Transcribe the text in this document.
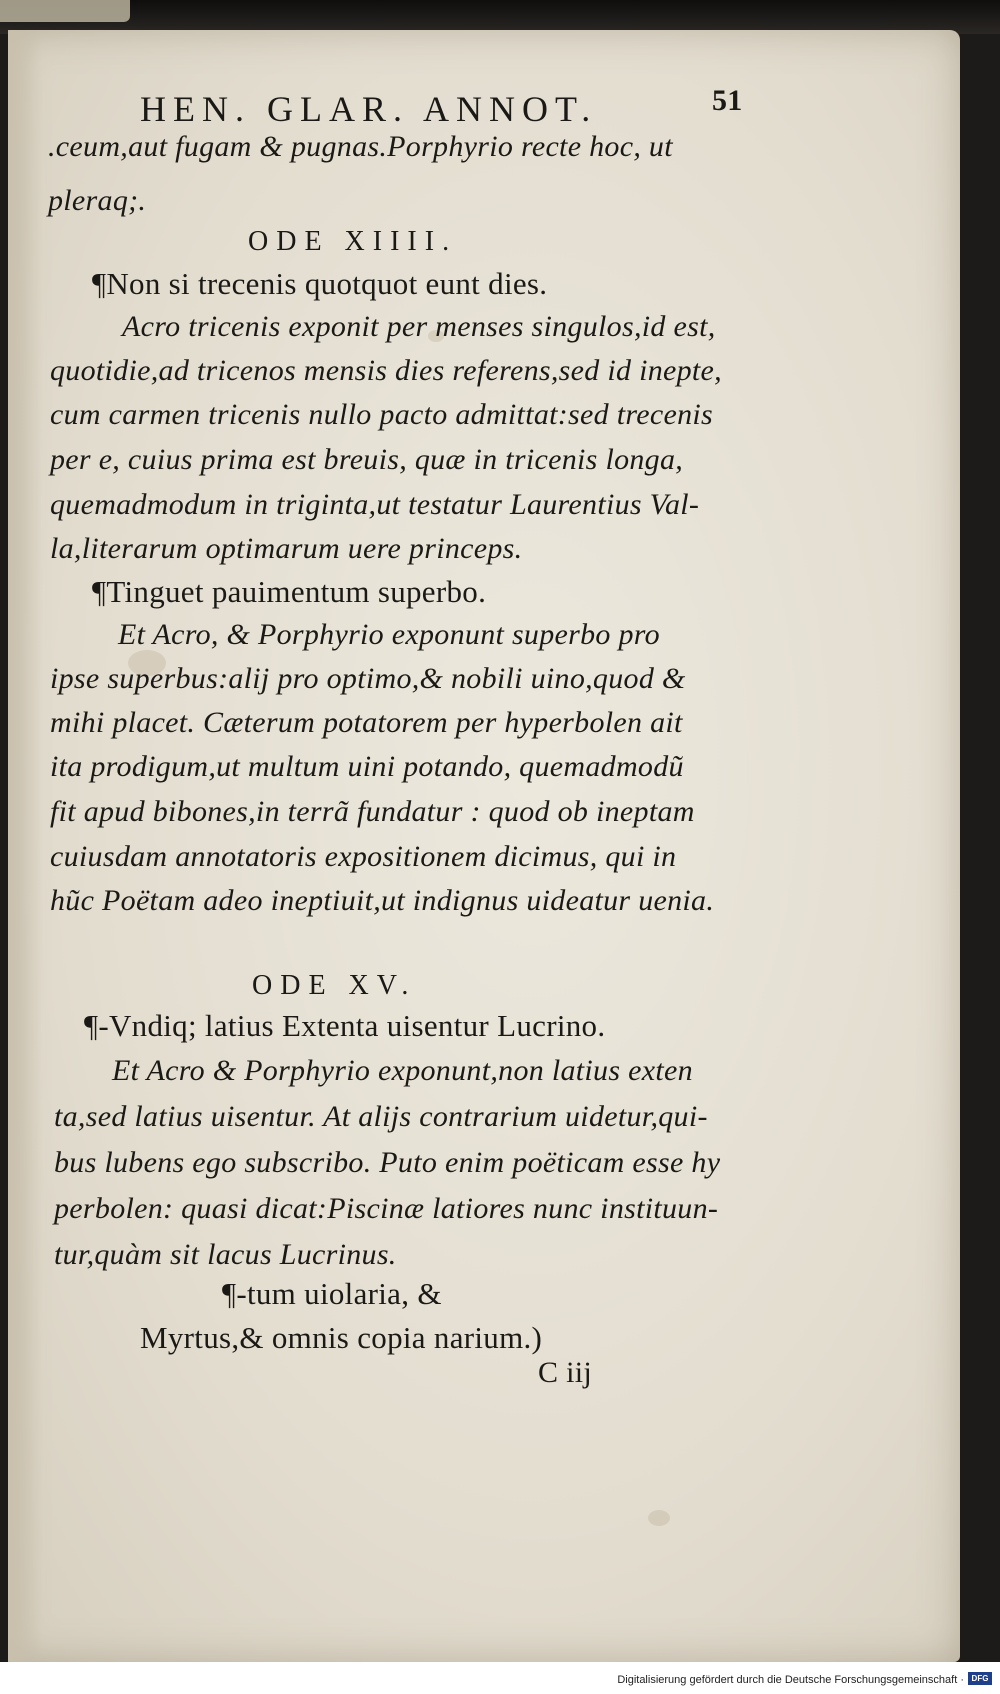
HEN. GLAR. ANNOT.	51
.ceum,aut fugam & pugnas.Porphyrio recte hoc, ut
pleraq;.
ODE XIIII.
¶Non si trecenis quotquot eunt dies.
Acro tricenis exponit per menses singulos,id est,
quotidie,ad tricenos mensis dies referens,sed id inepte,
cum carmen tricenis nullo pacto admittat:sed trecenis
per e, cuius prima est breuis, quæ in tricenis longa,
quemadmodum in triginta,ut testatur Laurentius Val-
la,literarum optimarum uere princeps.
¶Tinguet pauimentum superbo.
Et Acro, & Porphyrio exponunt superbo pro
ipse superbus:alij pro optimo,& nobili uino,quod &
mihi placet. Cæterum potatorem per hyperbolen ait
ita prodigum,ut multum uini potando, quemadmodũ
fit apud bibones,in terrã fundatur : quod ob ineptam
cuiusdam annotatoris expositionem dicimus, qui in
hũc Poëtam adeo ineptiuit,ut indignus uideatur uenia.
ODE XV.
¶-Vndiq; latius Extenta uisentur Lucrino.
Et Acro & Porphyrio exponunt,non latius exten
ta,sed latius uisentur. At alijs contrarium uidetur,qui-
bus lubens ego subscribo. Puto enim poëticam esse hy
perbolen: quasi dicat:Piscinæ latiores nunc instituun-
tur,quàm sit lacus Lucrinus.
¶-tum uiolaria, &
Myrtus,& omnis copia narium.)
C iij
Digitalisierung gefördert durch die Deutsche Forschungsgemeinschaft · DFG
